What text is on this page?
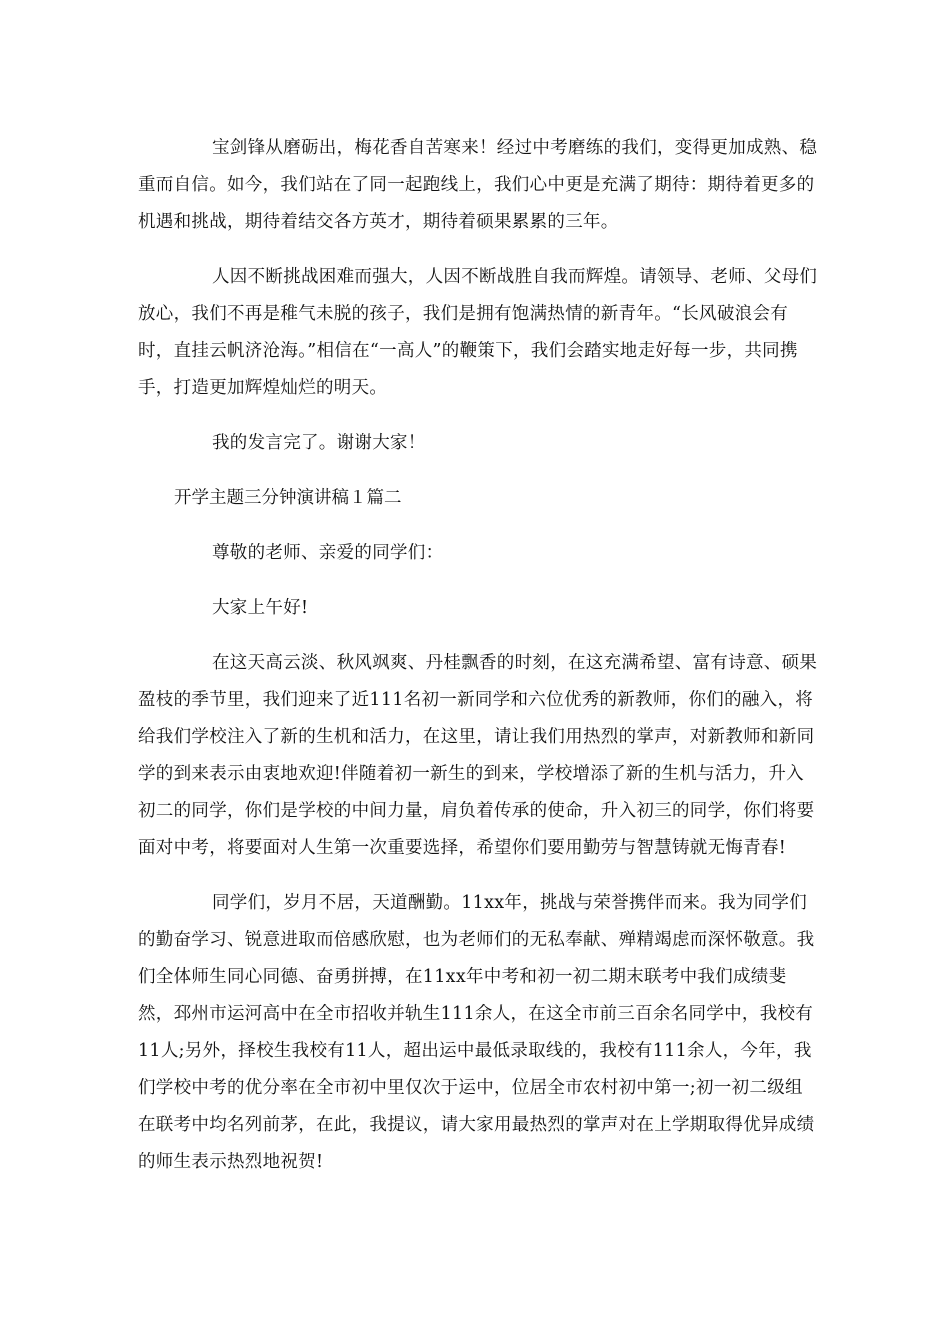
宝剑锋从磨砺出，梅花香自苦寒来！经过中考磨练的我们，变得更加成熟、稳重而自信。如今，我们站在了同一起跑线上，我们心中更是充满了期待：期待着更多的机遇和挑战，期待着结交各方英才，期待着硕果累累的三年。

人因不断挑战困难而强大，人因不断战胜自我而辉煌。请领导、老师、父母们放心，我们不再是稚气未脱的孩子，我们是拥有饱满热情的新青年。“长风破浪会有时，直挂云帆济沧海。”相信在“一高人”的鞭策下，我们会踏实地走好每一步，共同携手，打造更加辉煌灿烂的明天。

我的发言完了。谢谢大家！

开学主题三分钟演讲稿１篇二

尊敬的老师、亲爱的同学们：

大家上午好!

在这天高云淡、秋风飒爽、丹桂飘香的时刻，在这充满希望、富有诗意、硕果盈枝的季节里，我们迎来了近111名初一新同学和六位优秀的新教师，你们的融入，将给我们学校注入了新的生机和活力，在这里，请让我们用热烈的掌声，对新教师和新同学的到来表示由衷地欢迎!伴随着初一新生的到来，学校增添了新的生机与活力，升入初二的同学，你们是学校的中间力量，肩负着传承的使命，升入初三的同学，你们将要面对中考，将要面对人生第一次重要选择，希望你们要用勤劳与智慧铸就无悔青春!

同学们，岁月不居，天道酬勤。11xx年，挑战与荣誉携伴而来。我为同学们的勤奋学习、锐意进取而倍感欣慰，也为老师们的无私奉献、殚精竭虑而深怀敬意。我们全体师生同心同德、奋勇拼搏，在11xx年中考和初一初二期末联考中我们成绩斐然，邳州市运河高中在全市招收并轨生111余人，在这全市前三百余名同学中，我校有11人;另外，择校生我校有11人，超出运中最低录取线的，我校有111余人，今年，我们学校中考的优分率在全市初中里仅次于运中，位居全市农村初中第一;初一初二级组在联考中均名列前茅，在此，我提议，请大家用最热烈的掌声对在上学期取得优异成绩的师生表示热烈地祝贺!
